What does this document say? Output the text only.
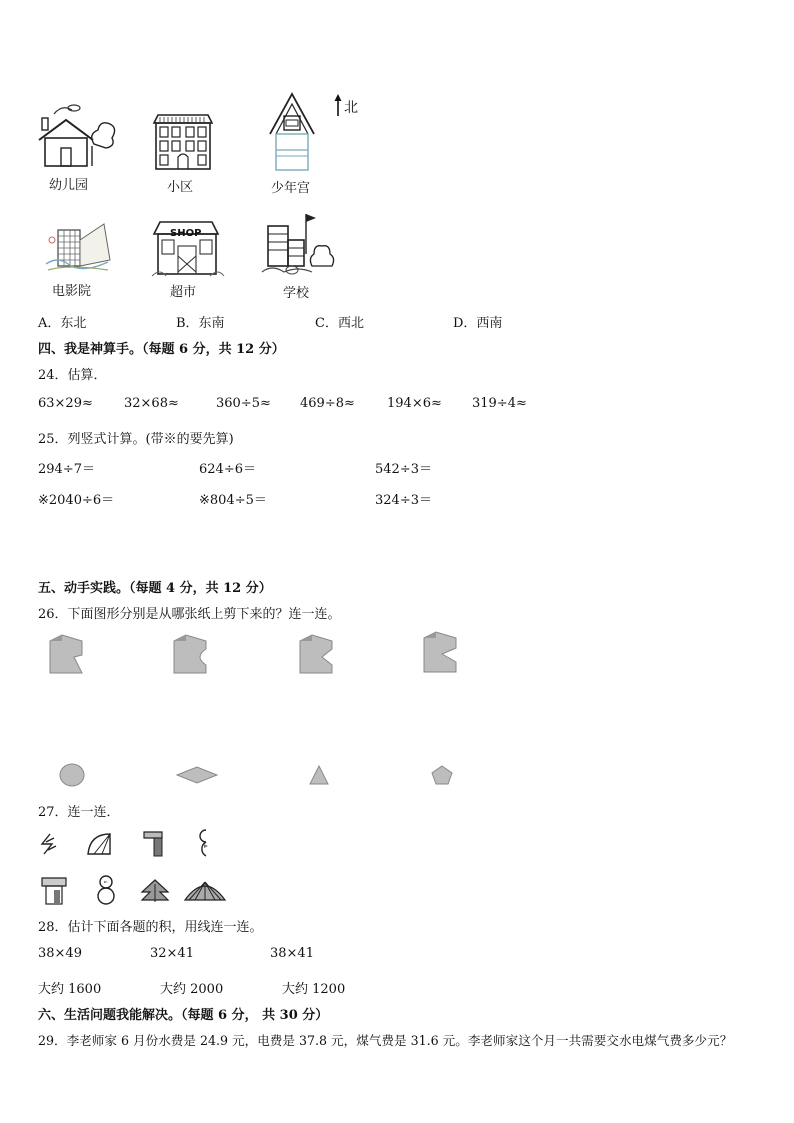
北
幼儿园	小区	少年宫
电影院
SHOP
超市	学校
A．东北	B．东南	C．西北	D．西南
四、我是神算手。（每题 6 分，共 12 分）
24．估算．
63×29≈ 32×68≈	360÷5≈ 469÷8≈ 194×6≈ 319÷4≈
25．列竖式计算。(带※的要先算)
294÷7＝	624÷6＝	542÷3＝
※2040÷6＝	※804÷5＝	324÷3＝
五、动手实践。（每题 4 分，共 12 分）
26．下面图形分别是从哪张纸上剪下来的？连一连。
27．连一连．
28．估计下面各题的积，用线连一连。
38×49	32×41	38×41
大约 1600	大约 2000	大约 1200
六、生活问题我能解决。（每题 6 分， 共 30 分）
29．李老师家 6 月份水费是 24.9 元，电费是 37.8 元，煤气费是 31.6 元。李老师家这个月一共需要交水电煤气费多少元？
